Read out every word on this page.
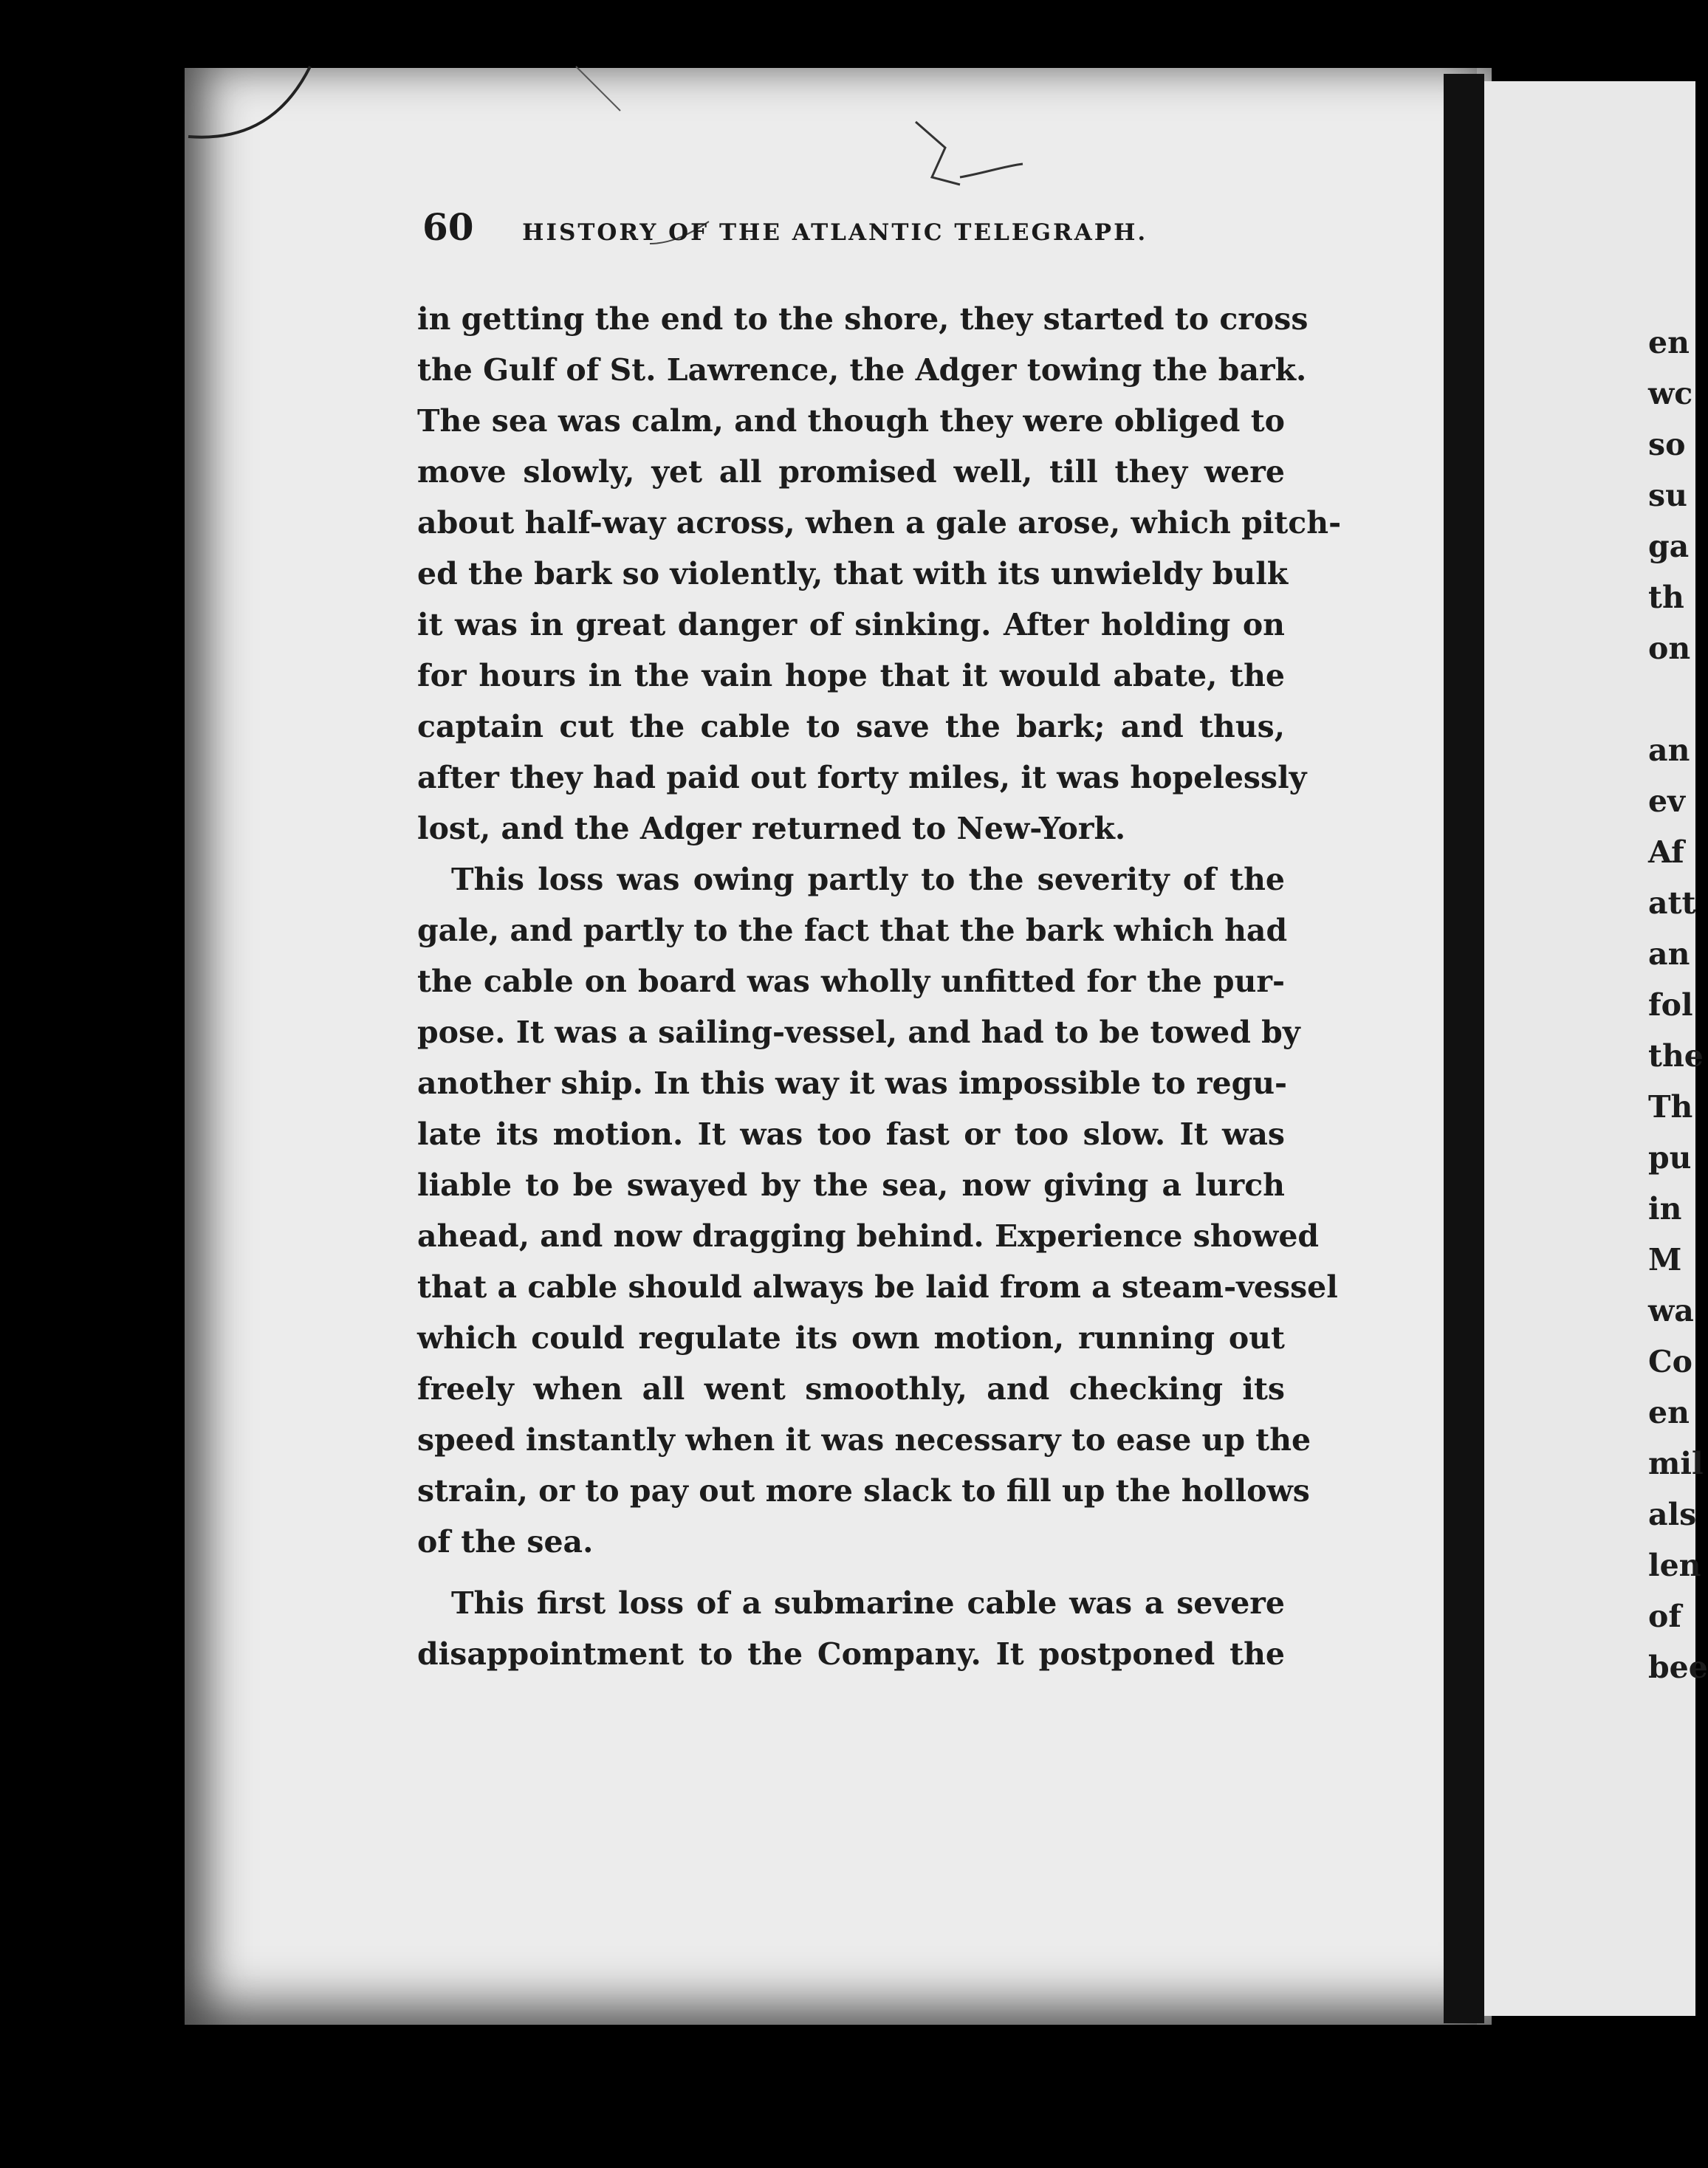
60 HISTORY OF THE ATLANTIC TELEGRAPH.
in getting the end to the shore, they started to cross
the Gulf of St. Lawrence, the Adger towing the bark.
The sea was calm, and though they were obliged to
move slowly, yet all promised well, till they were
about half-way across, when a gale arose, which pitch-
ed the bark so violently, that with its unwieldy bulk
it was in great danger of sinking. After holding on
for hours in the vain hope that it would abate, the
captain cut the cable to save the bark; and thus,
after they had paid out forty miles, it was hopelessly
lost, and the Adger returned to New-York.
This loss was owing partly to the severity of the
gale, and partly to the fact that the bark which had
the cable on board was wholly unfitted for the pur-
pose. It was a sailing-vessel, and had to be towed by
another ship. In this way it was impossible to regu-
late its motion. It was too fast or too slow. It was
liable to be swayed by the sea, now giving a lurch
ahead, and now dragging behind. Experience showed
that a cable should always be laid from a steam-vessel
which could regulate its own motion, running out
freely when all went smoothly, and checking its
speed instantly when it was necessary to ease up the
strain, or to pay out more slack to fill up the hollows
of the sea.
This first loss of a submarine cable was a severe
disappointment to the Company. It postponed the
en
wc
so
su
ga
th
on

an
ev
Af
att
an
fol
the
Th
pu
in
M
wa
Co
en
mil
als
len
of
bee
